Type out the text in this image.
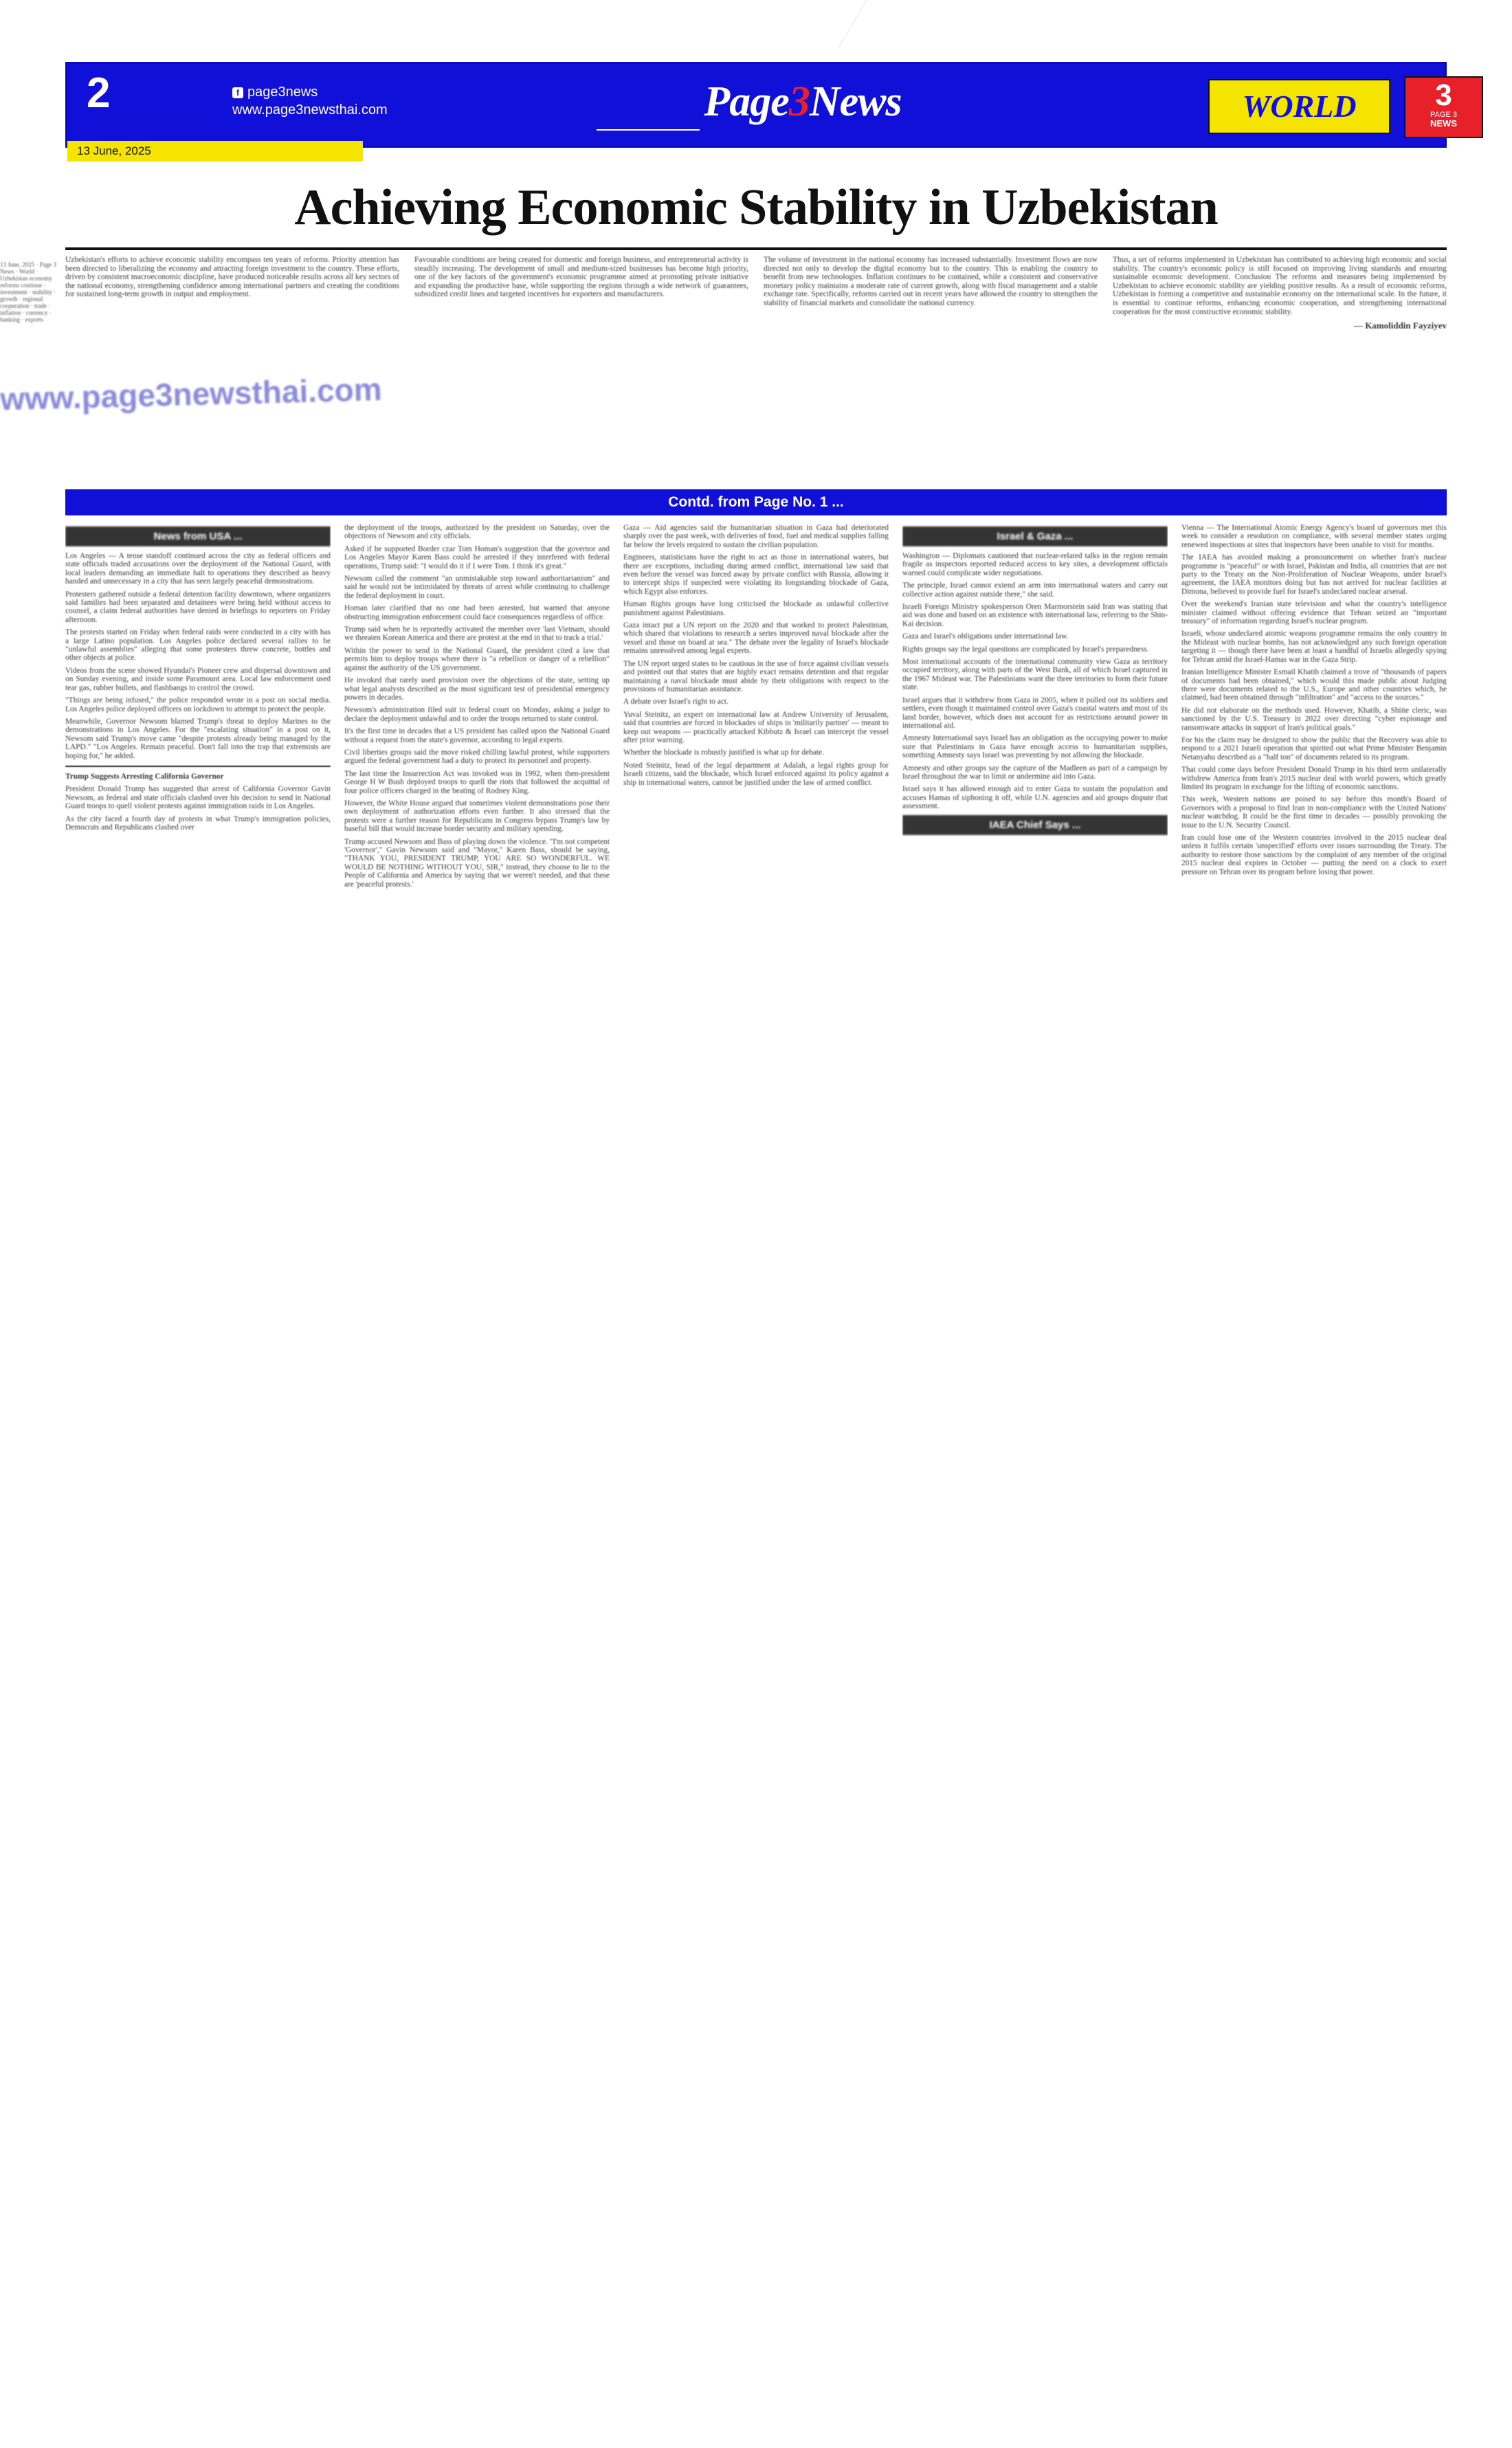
2	f page3news
www.page3newsthai.com	Page3News	WORLD	3
PAGE 3
NEWS
13 June, 2025
Achieving Economic Stability in Uzbekistan
Uzbekistan's efforts to achieve economic stability encompass ten years of reforms. Priority attention has been directed to liberalizing the economy and attracting foreign investment to the country. These efforts, driven by consistent macroeconomic discipline, have produced noticeable results across all key sectors of the national economy, strengthening confidence among international partners and creating the conditions for sustained long-term growth in output and employment.
Favourable conditions are being created for domestic and foreign business, and entrepreneurial activity is steadily increasing. The development of small and medium-sized businesses has become high priority, one of the key factors of the government's economic programme aimed at promoting private initiative and expanding the productive base, while supporting the regions through a wide network of guarantees, subsidized credit lines and targeted incentives for exporters and manufacturers.
The volume of investment in the national economy has increased substantially. Investment flows are now directed not only to develop the digital economy but to the country. This is enabling the country to benefit from new technologies. Inflation continues to be contained, while a consistent and conservative monetary policy maintains a moderate rate of current growth, along with fiscal management and a stable exchange rate. Specifically, reforms carried out in recent years have allowed the country to strengthen the stability of financial markets and consolidate the national currency.
Thus, a set of reforms implemented in Uzbekistan has contributed to achieving high economic and social stability. The country's economic policy is still focused on improving living standards and ensuring sustainable economic development. Conclusion The reforms and measures being implemented by Uzbekistan to achieve economic stability are yielding positive results. As a result of economic reforms, Uzbekistan is forming a competitive and sustainable economy on the international scale. In the future, it is essential to continue reforms, enhancing economic cooperation, and strengthening international cooperation for the most constructive economic stability.
— Kamoliddin Fayziyev
13 June, 2025 · Page 3 News · World · Uzbekistan economy reforms continue · investment · stability · growth · regional cooperation · trade · inflation · currency · banking · exports
www.page3newsthai.com
Contd. from Page No. 1 ...
News from USA ...

Los Angeles — A tense standoff continued across the city as federal officers and state officials traded accusations over the deployment of the National Guard, with local leaders demanding an immediate halt to operations they described as heavy handed and unnecessary in a city that has seen largely peaceful demonstrations.

Protesters gathered outside a federal detention facility downtown, where organizers said families had been separated and detainees were being held without access to counsel, a claim federal authorities have denied in briefings to reporters on Friday afternoon.

The protests started on Friday when federal raids were conducted in a city with has a large Latino population. Los Angeles police declared several rallies to be "unlawful assemblies" alleging that some protesters threw concrete, bottles and other objects at police.

Videos from the scene showed Hyundai's Pioneer crew and dispersal downtown and on Sunday evening, and inside some Paramount area. Local law enforcement used tear gas, rubber bullets, and flashbangs to control the crowd.

"Things are being infused," the police responded wrote in a post on social media. Los Angeles police deployed officers on lockdown to attempt to protect the people.

Meanwhile, Governor Newsom blamed Trump's threat to deploy Marines to the demonstrations in Los Angeles. For the "escalating situation" in a post on it, Newsom said Trump's move came "despite protests already being managed by the LAPD." "Los Angeles. Remain peaceful. Don't fall into the trap that extremists are hoping for," he added.

Trump Suggests Arresting California Governor

President Donald Trump has suggested that arrest of California Governor Gavin Newsom, as federal and state officials clashed over his decision to send in National Guard troops to quell violent protests against immigration raids in Los Angeles.

As the city faced a fourth day of protests in what Trump's immigration policies, Democrats and Republicans clashed over

the deployment of the troops, authorized by the president on Saturday, over the objections of Newsom and city officials.

Asked if he supported Border czar Tom Homan's suggestion that the governor and Los Angeles Mayor Karen Bass could be arrested if they interfered with federal operations, Trump said: "I would do it if I were Tom. I think it's great."

Newsom called the comment "an unmistakable step toward authoritarianism" and said he would not be intimidated by threats of arrest while continuing to challenge the federal deployment in court.

Homan later clarified that no one had been arrested, but warned that anyone obstructing immigration enforcement could face consequences regardless of office.

Trump said when he is reportedly activated the member over 'last Vietnam, should we threaten Korean America and there are protest at the end in that to track a trial.'

Within the power to send in the National Guard, the president cited a law that permits him to deploy troops where there is "a rebellion or danger of a rebellion" against the authority of the US government.

He invoked that rarely used provision over the objections of the state, setting up what legal analysts described as the most significant test of presidential emergency powers in decades.

Newsom's administration filed suit in federal court on Monday, asking a judge to declare the deployment unlawful and to order the troops returned to state control.

It's the first time in decades that a US president has called upon the National Guard without a request from the state's governor, according to legal experts.

Civil liberties groups said the move risked chilling lawful protest, while supporters argued the federal government had a duty to protect its personnel and property.

The last time the Insurrection Act was invoked was in 1992, when then-president George H W Bush deployed troops to quell the riots that followed the acquittal of four police officers charged in the beating of Rodney King.

However, the White House argued that sometimes violent demonstrations pose their own deployment of authorization efforts even further. It also stressed that the protests were a further reason for Republicans in Congress bypass Trump's law by baseful bill that would increase border security and military spending.

Trump accused Newsom and Bass of playing down the violence. "I'm not competent 'Governor'," Gavin Newsom said and "Mayor," Karen Bass, should be saying, "THANK YOU, PRESIDENT TRUMP, YOU ARE SO WONDERFUL. WE WOULD BE NOTHING WITHOUT YOU, SIR," instead, they choose to lie to the People of California and America by saying that we weren't needed, and that these are 'peaceful protests.'

Gaza — Aid agencies said the humanitarian situation in Gaza had deteriorated sharply over the past week, with deliveries of food, fuel and medical supplies falling far below the levels required to sustain the civilian population.

Engineers, statisticians have the right to act as those in international waters, but there are exceptions, including during armed conflict, international law said that even before the vessel was forced away by private conflict with Russia, allowing it to intercept ships if suspected were violating its longstanding blockade of Gaza, which Egypt also enforces.

Human Rights groups have long criticised the blockade as unlawful collective punishment against Palestinians.

Gaza intact put a UN report on the 2020 and that worked to protect Palestinian, which shared that violations to research a series improved naval blockade after the vessel and those on board at sea." The debate over the legality of Israel's blockade remains unresolved among legal experts.

The UN report urged states to be cautious in the use of force against civilian vessels and pointed out that states that are highly exact remains detention and that regular maintaining a naval blockade must abide by their obligations with respect to the provisions of humanitarian assistance.

A debate over Israel's right to act.

Yuval Steinitz, an expert on international law at Andrew University of Jerusalem, said that countries are forced in blockades of ships in 'militarily partner' — meant to keep out weapons — practically attacked Kibbutz & Israel can intercept the vessel after prior warning.

Whether the blockade is robustly justified is what up for debate.

Noted Steinitz, head of the legal department at Adalah, a legal rights group for Israeli citizens, said the blockade, which Israel enforced against its policy against a ship in international waters, cannot be justified under the law of armed conflict.

Israel & Gaza ...

Washington — Diplomats cautioned that nuclear-related talks in the region remain fragile as inspectors reported reduced access to key sites, a development officials warned could complicate wider negotiations.

The principle, Israel cannot extend an arm into international waters and carry out collective action against outside there," she said.

Israeli Foreign Ministry spokesperson Oren Marmorstein said Iran was stating that aid was done and based on an existence with international law, referring to the Shin-Kai decision.

Gaza and Israel's obligations under international law.

Rights groups say the legal questions are complicated by Israel's preparedness.

Most international accounts of the international community view Gaza as territory occupied territory, along with parts of the West Bank, all of which Israel captured in the 1967 Mideast war. The Palestinians want the three territories to form their future state.

Israel argues that it withdrew from Gaza in 2005, when it pulled out its soldiers and settlers, even though it maintained control over Gaza's coastal waters and most of its land border, however, which does not account for as restrictions around power in international aid.

Amnesty International says Israel has an obligation as the occupying power to make sure that Palestinians in Gaza have enough access to humanitarian supplies, something Amnesty says Israel was preventing by not allowing the blockade.

Amnesty and other groups say the capture of the Madleen as part of a campaign by Israel throughout the war to limit or undermine aid into Gaza.

Israel says it has allowed enough aid to enter Gaza to sustain the population and accuses Hamas of siphoning it off, while U.N. agencies and aid groups dispute that assessment.

IAEA Chief Says ...

Vienna — The International Atomic Energy Agency's board of governors met this week to consider a resolution on compliance, with several member states urging renewed inspections at sites that inspectors have been unable to visit for months.

The IAEA has avoided making a pronouncement on whether Iran's nuclear programme is "peaceful" or with Israel, Pakistan and India, all countries that are not party to the Treaty on the Non-Proliferation of Nuclear Weapons, under Israel's agreement, the IAEA monitors doing but has not arrived for nuclear facilities at Dimona, believed to provide fuel for Israel's undeclared nuclear arsenal.

Over the weekend's Iranian state television and what the country's intelligence minister claimed without offering evidence that Tehran seized an "important treasury" of information regarding Israel's nuclear program.

Israeli, whose undeclared atomic weapons programme remains the only country in the Mideast with nuclear bombs, has not acknowledged any such foreign operation targeting it — though there have been at least a handful of Israelis allegedly spying for Tehran amid the Israel-Hamas war in the Gaza Strip.

Iranian Intelligence Minister Esmail Khatib claimed a trove of "thousands of papers of documents had been obtained," which would this made public about Judging there were documents related to the U.S., Europe and other countries which, he claimed, had been obtained through "infiltration" and "access to the sources."

He did not elaborate on the methods used. However, Khatib, a Shiite cleric, was sanctioned by the U.S. Treasury in 2022 over directing "cyber espionage and ransomware attacks in support of Iran's political goals."

For his the claim may be designed to show the public that the Recovery was able to respond to a 2021 Israeli operation that spirited out what Prime Minister Benjamin Netanyahu described as a "half ton" of documents related to its program.

That could come days before President Donald Trump in his third term unilaterally withdrew America from Iran's 2015 nuclear deal with world powers, which greatly limited its program in exchange for the lifting of economic sanctions.

This week, Western nations are poised to say before this month's Board of Governors with a proposal to find Iran in non-compliance with the United Nations' nuclear watchdog. It could be the first time in decades — possibly provoking the issue to the U.N. Security Council.

Iran could lose one of the Western countries involved in the 2015 nuclear deal unless it fulfils certain 'unspecified' efforts over issues surrounding the Treaty. The authority to restore those sanctions by the complaint of any member of the original 2015 nuclear deal expires in October — putting the need on a clock to exert pressure on Tehran over its program before losing that power.
